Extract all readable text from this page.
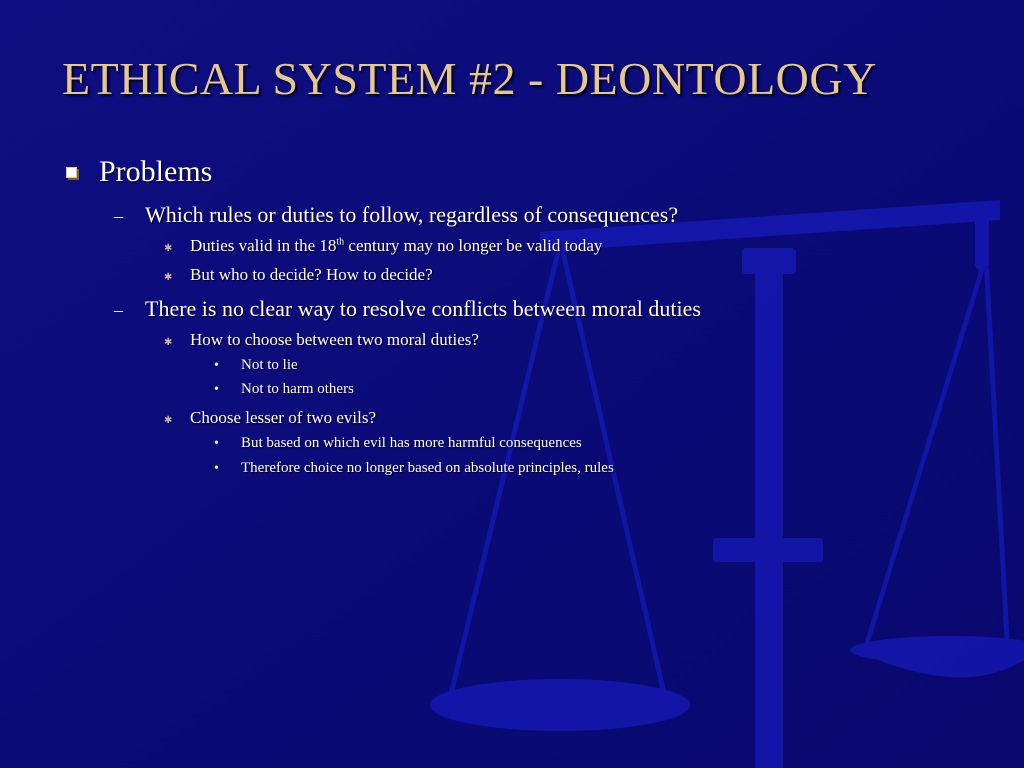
ETHICAL SYSTEM #2 - DEONTOLOGY
Problems
–	Which rules or duties to follow, regardless of consequences?
✱	Duties valid in the 18th century may no longer be valid today
✱	But who to decide? How to decide?
–	There is no clear way to resolve conflicts between moral duties
✱	How to choose between two moral duties?
•	Not to lie
•	Not to harm others
✱	Choose lesser of two evils?
•	But based on which evil has more harmful consequences
•	Therefore choice no longer based on absolute principles, rules
